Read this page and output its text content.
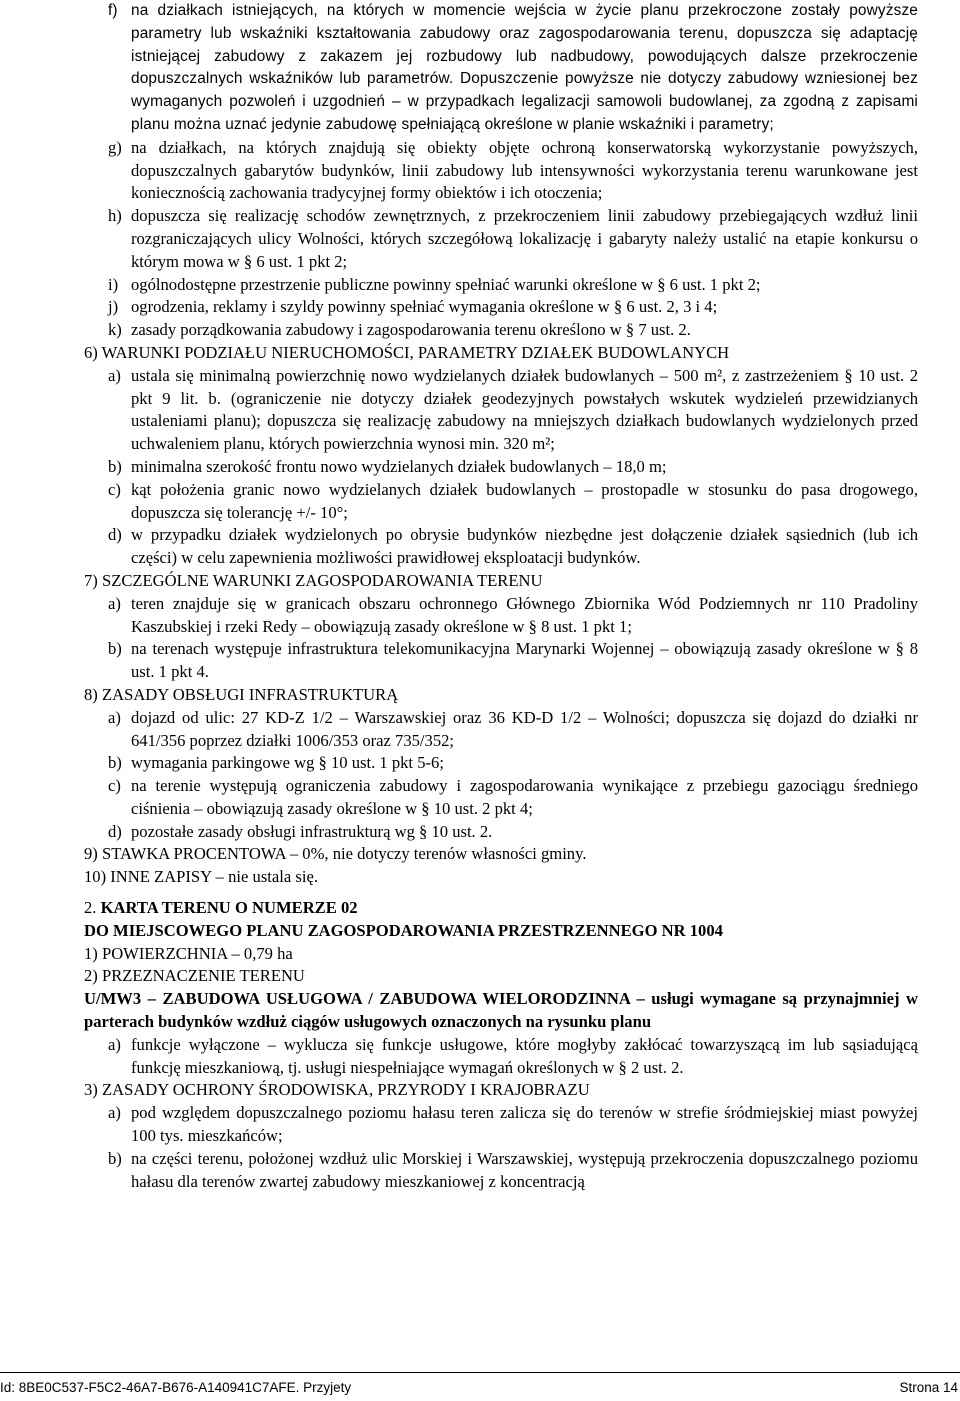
f) na działkach istniejących, na których w momencie wejścia w życie planu przekroczone zostały powyższe parametry lub wskaźniki kształtowania zabudowy oraz zagospodarowania terenu, dopuszcza się adaptację istniejącej zabudowy z zakazem jej rozbudowy lub nadbudowy, powodujących dalsze przekroczenie dopuszczalnych wskaźników lub parametrów. Dopuszczenie powyższe nie dotyczy zabudowy wzniesionej bez wymaganych pozwoleń i uzgodnień – w przypadkach legalizacji samowoli budowlanej, za zgodną z zapisami planu można uznać jedynie zabudowę spełniającą określone w planie wskaźniki i parametry;
g) na działkach, na których znajdują się obiekty objęte ochroną konserwatorską wykorzystanie powyższych, dopuszczalnych gabarytów budynków, linii zabudowy lub intensywności wykorzystania terenu warunkowane jest koniecznością zachowania tradycyjnej formy obiektów i ich otoczenia;
h) dopuszcza się realizację schodów zewnętrznych, z przekroczeniem linii zabudowy przebiegających wzdłuż linii rozgraniczających ulicy Wolności, których szczegółową lokalizację i gabaryty należy ustalić na etapie konkursu o którym mowa w § 6 ust. 1 pkt 2;
i) ogólnodostępne przestrzenie publiczne powinny spełniać warunki określone w § 6 ust. 1 pkt 2;
j) ogrodzenia, reklamy i szyldy powinny spełniać wymagania określone w § 6 ust. 2, 3 i 4;
k) zasady porządkowania zabudowy i zagospodarowania terenu określono w § 7 ust. 2.
6) WARUNKI PODZIAŁU NIERUCHOMOŚCI, PARAMETRY DZIAŁEK BUDOWLANYCH
a) ustala się minimalną powierzchnię nowo wydzielanych działek budowlanych – 500 m², z zastrzeżeniem § 10 ust. 2 pkt 9 lit. b. (ograniczenie nie dotyczy działek geodezyjnych powstałych wskutek wydzieleń przewidzianych ustaleniami planu); dopuszcza się realizację zabudowy na mniejszych działkach budowlanych wydzielonych przed uchwaleniem planu, których powierzchnia wynosi min. 320 m²;
b) minimalna szerokość frontu nowo wydzielanych działek budowlanych – 18,0 m;
c) kąt położenia granic nowo wydzielanych działek budowlanych – prostopadle w stosunku do pasa drogowego, dopuszcza się tolerancję +/- 10°;
d) w przypadku działek wydzielonych po obrysie budynków niezbędne jest dołączenie działek sąsiednich (lub ich części) w celu zapewnienia możliwości prawidłowej eksploatacji budynków.
7) SZCZEGÓLNE WARUNKI ZAGOSPODAROWANIA TERENU
a) teren znajduje się w granicach obszaru ochronnego Głównego Zbiornika Wód Podziemnych nr 110 Pradoliny Kaszubskiej i rzeki Redy – obowiązują zasady określone w § 8 ust. 1 pkt 1;
b) na terenach występuje infrastruktura telekomunikacyjna Marynarki Wojennej – obowiązują zasady określone w § 8 ust. 1 pkt 4.
8) ZASADY OBSŁUGI INFRASTRUKTURĄ
a) dojazd od ulic: 27 KD-Z 1/2 – Warszawskiej oraz 36 KD-D 1/2 – Wolności; dopuszcza się dojazd do działki nr 641/356 poprzez działki 1006/353 oraz 735/352;
b) wymagania parkingowe wg § 10 ust. 1 pkt 5-6;
c) na terenie występują ograniczenia zabudowy i zagospodarowania wynikające z przebiegu gazociągu średniego ciśnienia – obowiązują zasady określone w § 10 ust. 2 pkt 4;
d) pozostałe zasady obsługi infrastrukturą wg § 10 ust. 2.
9) STAWKA PROCENTOWA – 0%, nie dotyczy terenów własności gminy.
10) INNE ZAPISY – nie ustala się.
2. KARTA TERENU O NUMERZE 02
DO MIEJSCOWEGO PLANU ZAGOSPODAROWANIA PRZESTRZENNEGO NR 1004
1) POWIERZCHNIA – 0,79 ha
2) PRZEZNACZENIE TERENU
U/MW3 – ZABUDOWA USŁUGOWA / ZABUDOWA WIELORODZINNA – usługi wymagane są przynajmniej w parterach budynków wzdłuż ciągów usługowych oznaczonych na rysunku planu
a) funkcje wyłączone – wyklucza się funkcje usługowe, które mogłyby zakłócać towarzyszącą im lub sąsiadującą funkcję mieszkaniową, tj. usługi niespełniające wymagań określonych w § 2 ust. 2.
3) ZASADY OCHRONY ŚRODOWISKA, PRZYRODY I KRAJOBRAZU
a) pod względem dopuszczalnego poziomu hałasu teren zalicza się do terenów w strefie śródmiejskiej miast powyżej 100 tys. mieszkańców;
b) na części terenu, położonej wzdłuż ulic Morskiej i Warszawskiej, występują przekroczenia dopuszczalnego poziomu hałasu dla terenów zwartej zabudowy mieszkaniowej z koncentracją
Id: 8BE0C537-F5C2-46A7-B676-A140941C7AFE. Przyjety	Strona 14
